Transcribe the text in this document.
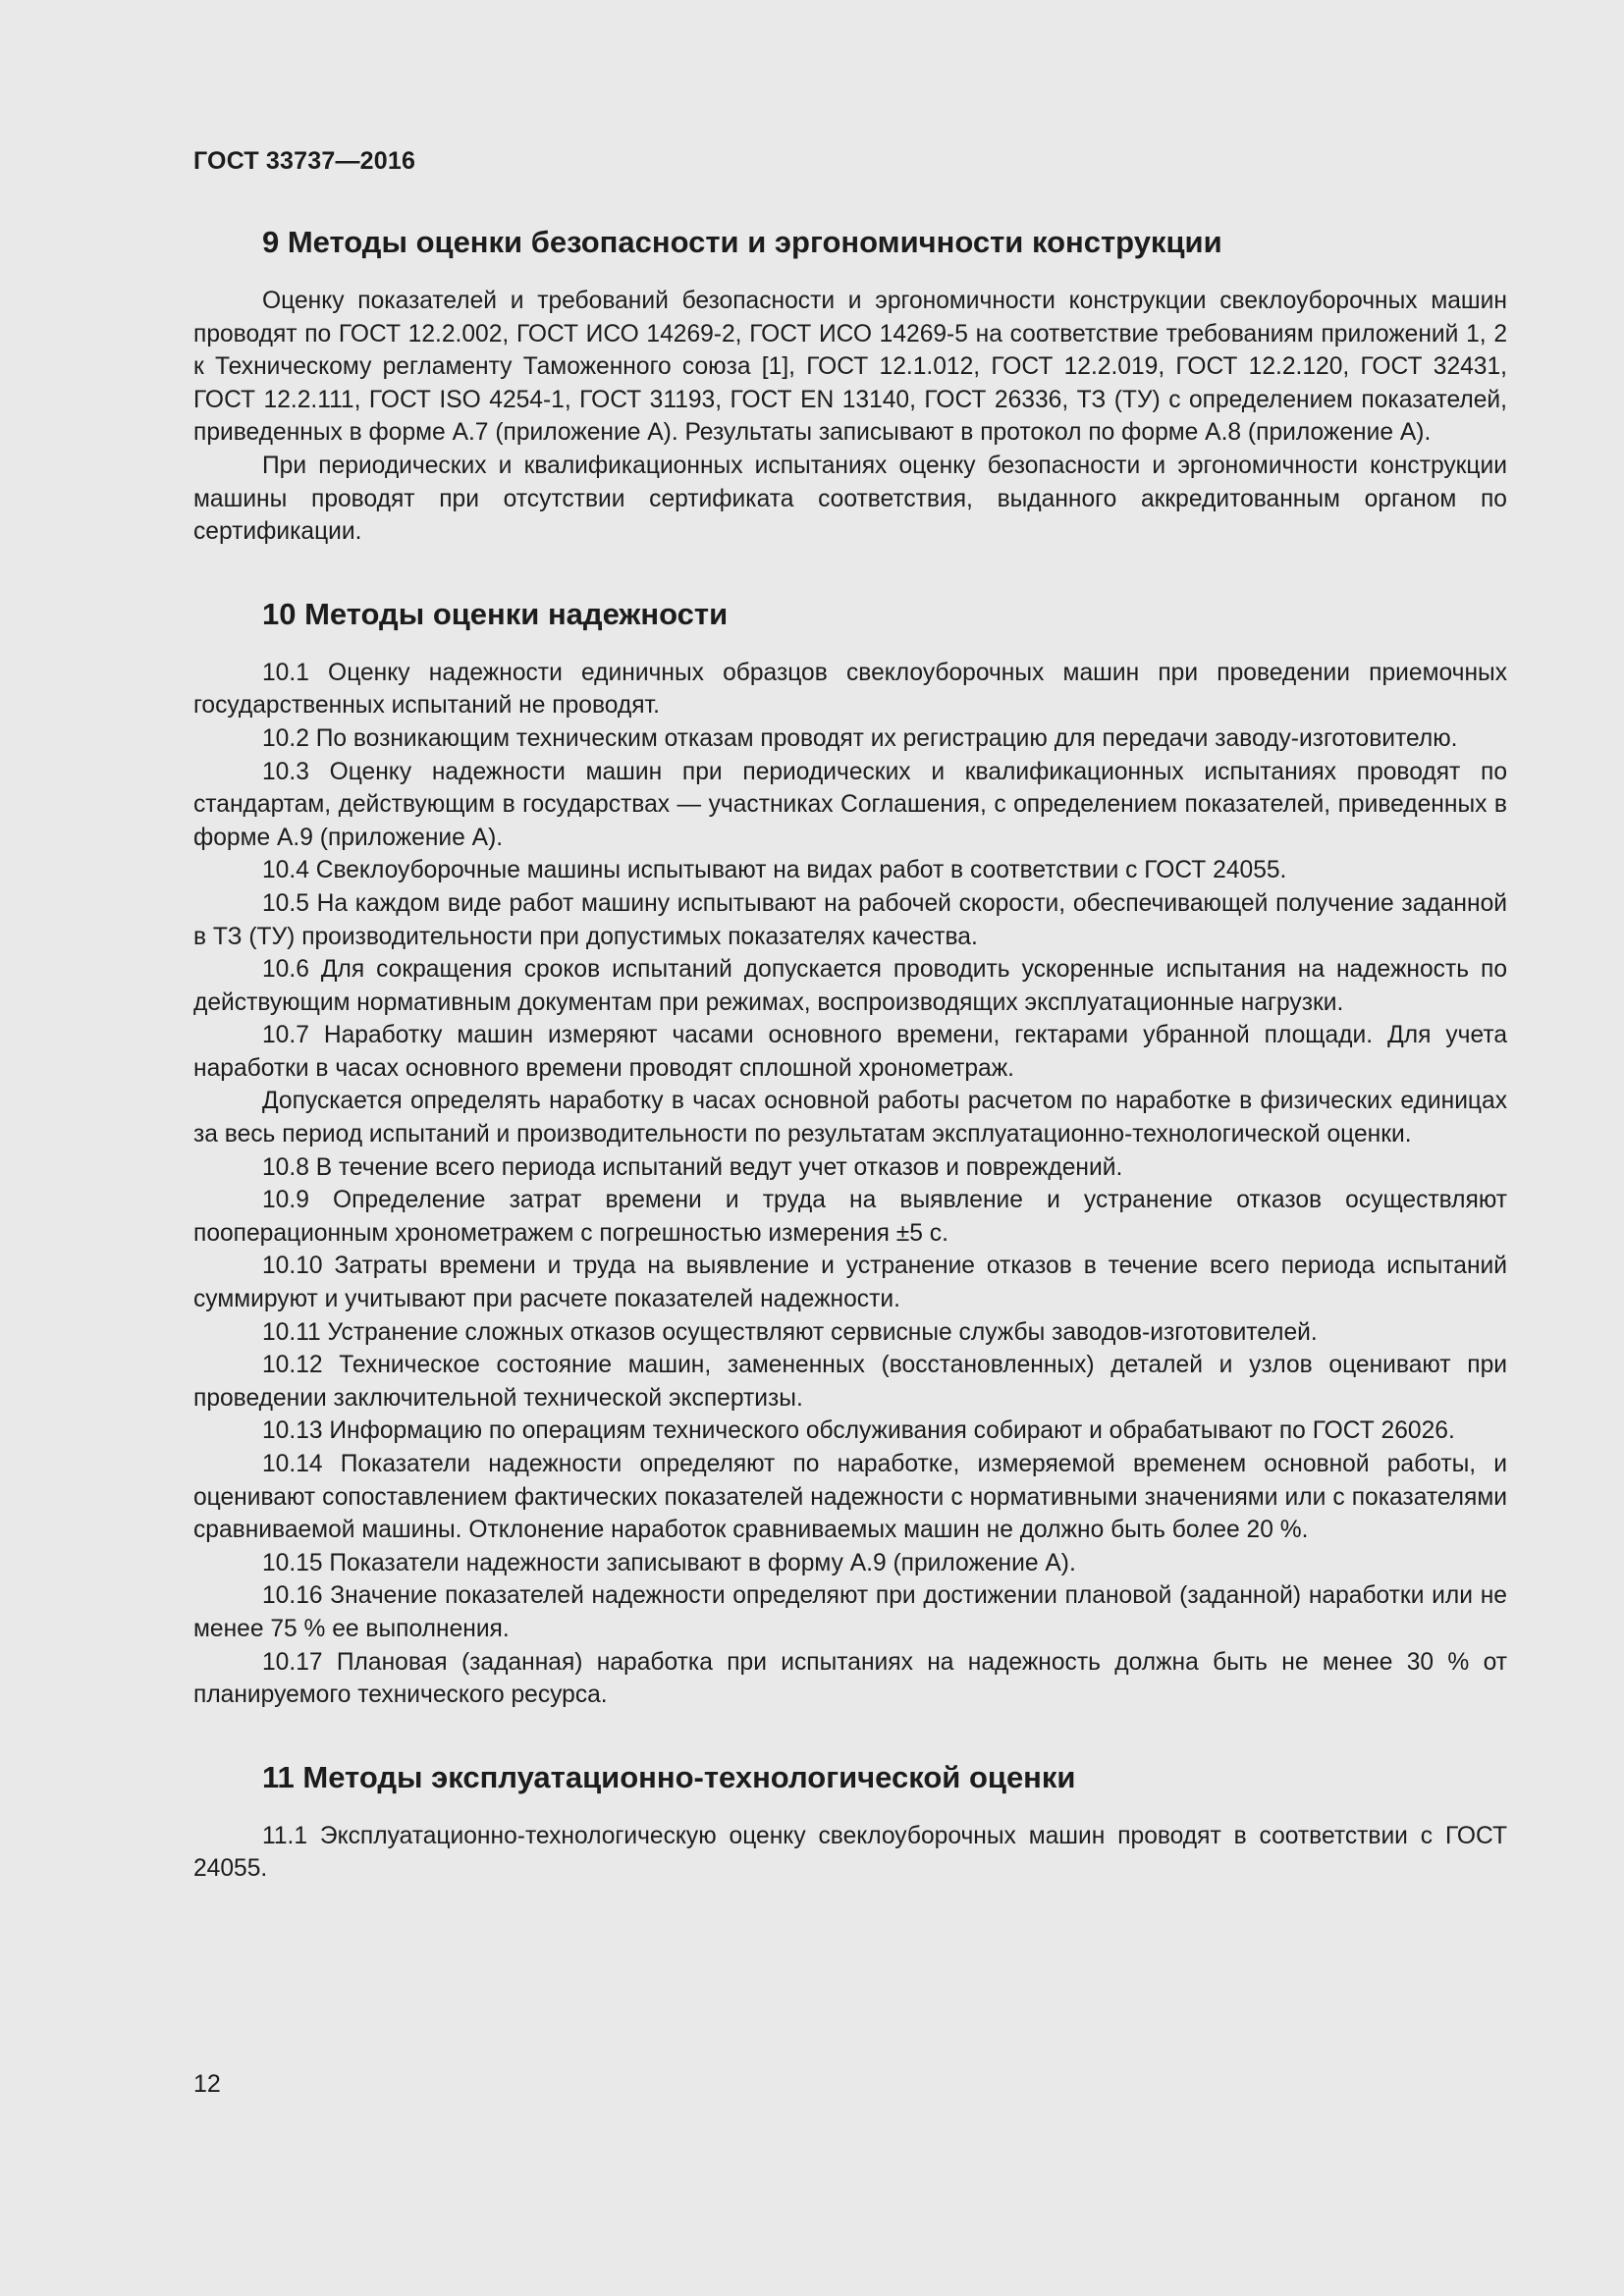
ГОСТ 33737—2016
9 Методы оценки безопасности и эргономичности конструкции

Оценку показателей и требований безопасности и эргономичности конструкции свеклоуборочных машин проводят по ГОСТ 12.2.002, ГОСТ ИСО 14269-2, ГОСТ ИСО 14269-5 на соответствие требованиям приложений 1, 2 к Техническому регламенту Таможенного союза [1], ГОСТ 12.1.012, ГОСТ 12.2.019, ГОСТ 12.2.120, ГОСТ 32431, ГОСТ 12.2.111, ГОСТ ISO 4254-1, ГОСТ 31193, ГОСТ EN 13140, ГОСТ 26336, ТЗ (ТУ) с определением показателей, приведенных в форме А.7 (приложение А). Результаты записывают в протокол по форме А.8 (приложение А).

При периодических и квалификационных испытаниях оценку безопасности и эргономичности конструкции машины проводят при отсутствии сертификата соответствия, выданного аккредитованным органом по сертификации.

10 Методы оценки надежности

10.1 Оценку надежности единичных образцов свеклоуборочных машин при проведении приемочных государственных испытаний не проводят.

10.2 По возникающим техническим отказам проводят их регистрацию для передачи заводу-изготовителю.

10.3 Оценку надежности машин при периодических и квалификационных испытаниях проводят по стандартам, действующим в государствах — участниках Соглашения, с определением показателей, приведенных в форме А.9 (приложение А).

10.4 Свеклоуборочные машины испытывают на видах работ в соответствии с ГОСТ 24055.

10.5 На каждом виде работ машину испытывают на рабочей скорости, обеспечивающей получение заданной в ТЗ (ТУ) производительности при допустимых показателях качества.

10.6 Для сокращения сроков испытаний допускается проводить ускоренные испытания на надежность по действующим нормативным документам при режимах, воспроизводящих эксплуатационные нагрузки.

10.7 Наработку машин измеряют часами основного времени, гектарами убранной площади. Для учета наработки в часах основного времени проводят сплошной хронометраж.

Допускается определять наработку в часах основной работы расчетом по наработке в физических единицах за весь период испытаний и производительности по результатам эксплуатационно-технологической оценки.

10.8 В течение всего периода испытаний ведут учет отказов и повреждений.

10.9 Определение затрат времени и труда на выявление и устранение отказов осуществляют пооперационным хронометражем с погрешностью измерения ±5 с.

10.10 Затраты времени и труда на выявление и устранение отказов в течение всего периода испытаний суммируют и учитывают при расчете показателей надежности.

10.11 Устранение сложных отказов осуществляют сервисные службы заводов-изготовителей.

10.12 Техническое состояние машин, замененных (восстановленных) деталей и узлов оценивают при проведении заключительной технической экспертизы.

10.13 Информацию по операциям технического обслуживания собирают и обрабатывают по ГОСТ 26026.

10.14 Показатели надежности определяют по наработке, измеряемой временем основной работы, и оценивают сопоставлением фактических показателей надежности с нормативными значениями или с показателями сравниваемой машины. Отклонение наработок сравниваемых машин не должно быть более 20 %.

10.15 Показатели надежности записывают в форму А.9 (приложение А).

10.16 Значение показателей надежности определяют при достижении плановой (заданной) наработки или не менее 75 % ее выполнения.

10.17 Плановая (заданная) наработка при испытаниях на надежность должна быть не менее 30 % от планируемого технического ресурса.

11 Методы эксплуатационно-технологической оценки

11.1 Эксплуатационно-технологическую оценку свеклоуборочных машин проводят в соответствии с ГОСТ 24055.

12
